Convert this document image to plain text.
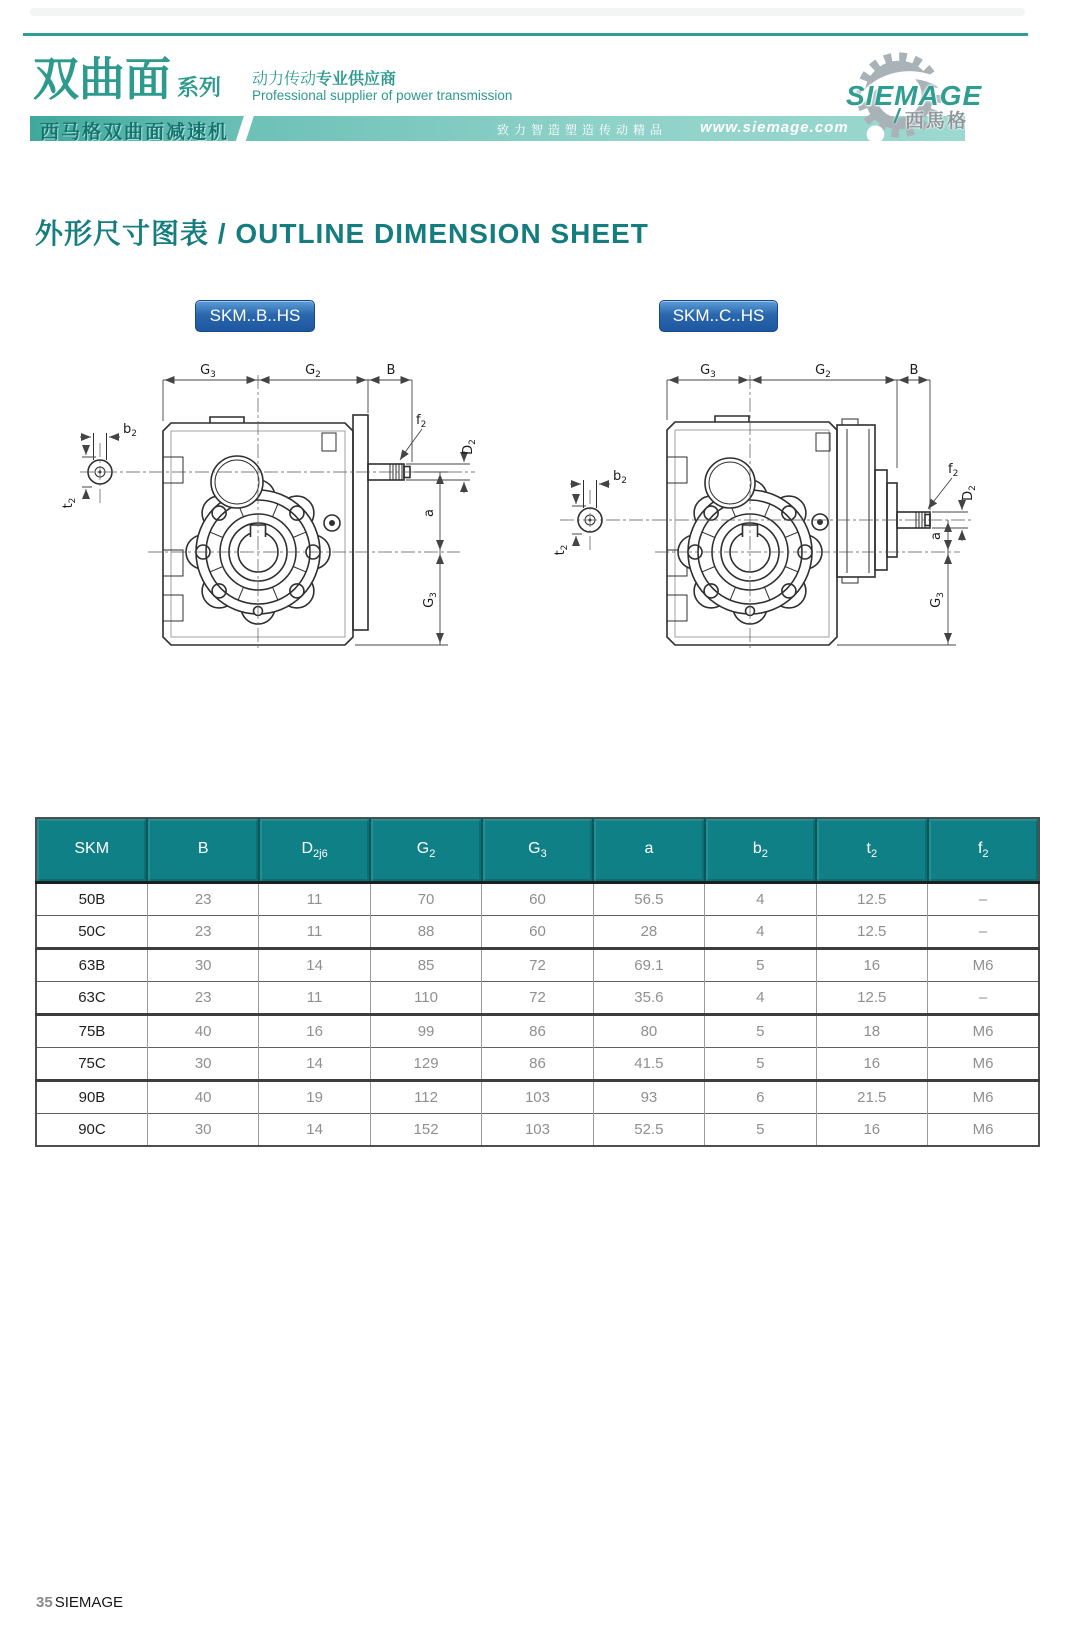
双曲面 系列 动力传动专业供应商
Professional supplier of power transmission
西马格双曲面减速机	致力智造塑造传动精品 www.siemage.com
SIEMAGE
/ 西馬格
外形尺寸图表 / OUTLINE DIMENSION SHEET
SKM..B..HS	SKM..C..HS
$G_3$	$G_2$	B
$b_2$
$t_2$
$f_2$
$D_2$
a
$G_3$
$G_3$	$G_2$	B
$b_2$
$t_2$
$f_2$
$D_2$
a
$G_3$
SKM	B	$D_{2j6}$	$G_2$	$G_3$	a	$b_2$	$t_2$	$f_2$
50B	23	11	70	60	56.5	4	12.5	–
50C	23	11	88	60	28	4	12.5	–
63B	30	14	85	72	69.1	5	16	M6
63C	23	11	110	72	35.6	4	12.5	–
75B	40	16	99	86	80	5	18	M6
75C	30	14	129	86	41.5	5	16	M6
90B	40	19	112	103	93	6	21.5	M6
90C	30	14	152	103	52.5	5	16	M6
35 SIEMAGE
